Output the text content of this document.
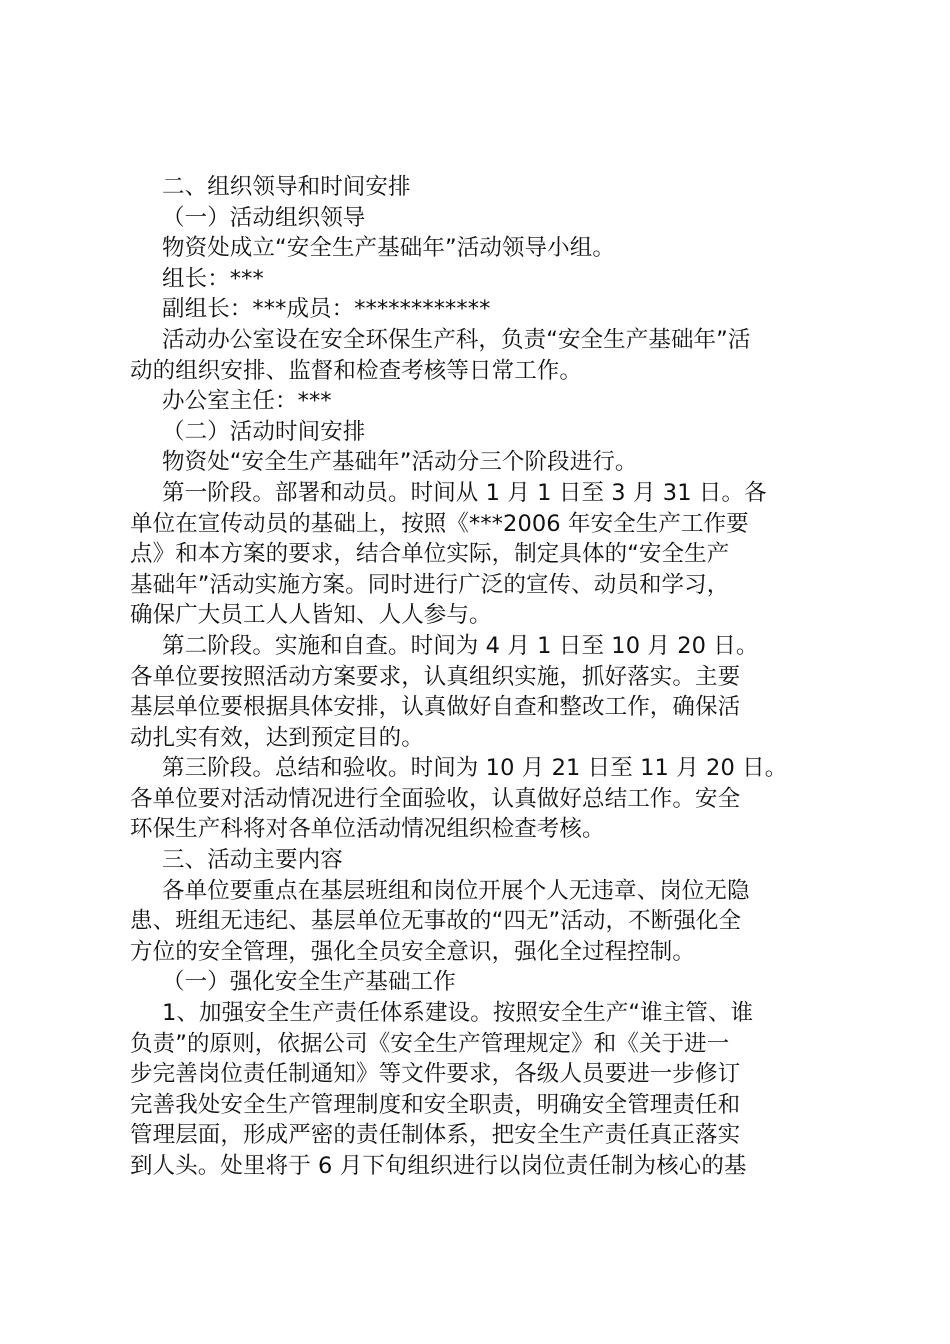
二、组织领导和时间安排

（一）活动组织领导

物资处成立“安全生产基础年”活动领导小组。

组长：***

副组长：***成员：************

活动办公室设在安全环保生产科，负责“安全生产基础年”活

动的组织安排、监督和检查考核等日常工作。

办公室主任：***

（二）活动时间安排

物资处“安全生产基础年”活动分三个阶段进行。

第一阶段。部署和动员。时间从 1 月 1 日至 3 月 31 日。各

单位在宣传动员的基础上，按照《***2006 年安全生产工作要

点》和本方案的要求，结合单位实际，制定具体的“安全生产

基础年”活动实施方案。同时进行广泛的宣传、动员和学习，

确保广大员工人人皆知、人人参与。

第二阶段。实施和自查。时间为 4 月 1 日至 10 月 20 日。

各单位要按照活动方案要求，认真组织实施，抓好落实。主要

基层单位要根据具体安排，认真做好自查和整改工作，确保活

动扎实有效，达到预定目的。

第三阶段。总结和验收。时间为 10 月 21 日至 11 月 20 日。

各单位要对活动情况进行全面验收，认真做好总结工作。安全

环保生产科将对各单位活动情况组织检查考核。

三、活动主要内容

各单位要重点在基层班组和岗位开展个人无违章、岗位无隐

患、班组无违纪、基层单位无事故的“四无”活动，不断强化全

方位的安全管理，强化全员安全意识，强化全过程控制。

（一）强化安全生产基础工作

1、加强安全生产责任体系建设。按照安全生产“谁主管、谁

负责”的原则，依据公司《安全生产管理规定》和《关于进一

步完善岗位责任制通知》等文件要求，各级人员要进一步修订

完善我处安全生产管理制度和安全职责，明确安全管理责任和

管理层面，形成严密的责任制体系，把安全生产责任真正落实

到人头。处里将于 6 月下旬组织进行以岗位责任制为核心的基
